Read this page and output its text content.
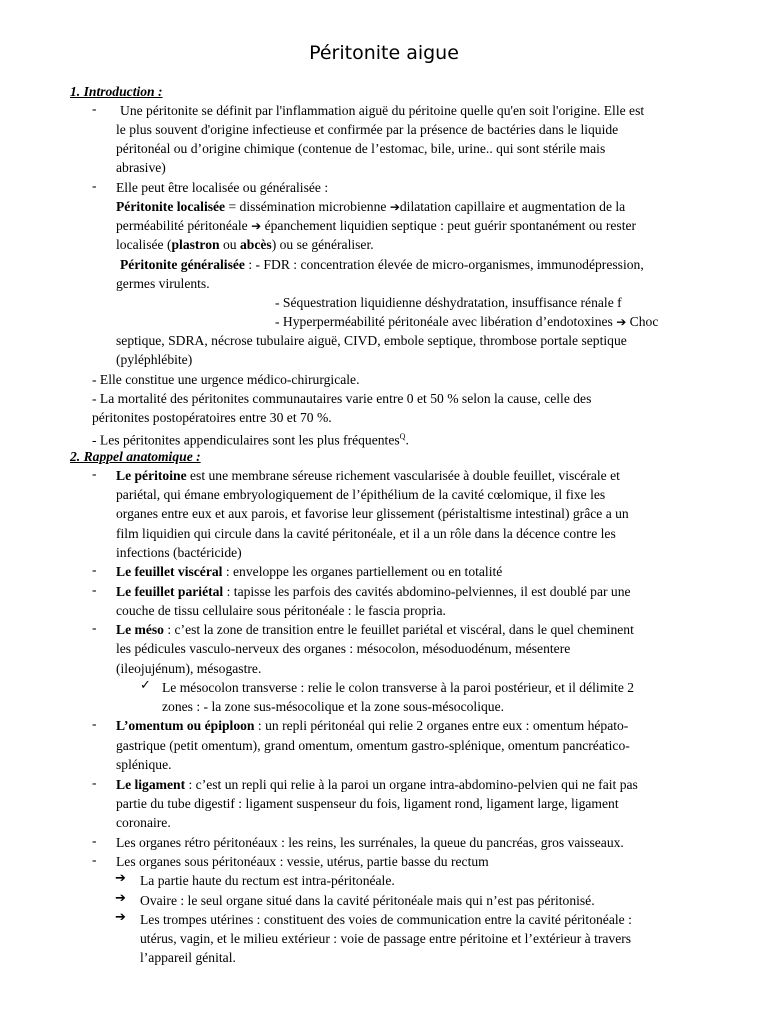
Péritonite aigue
1. Introduction :
- Une péritonite se définit par l'inflammation aiguë du péritoine quelle qu'en soit l'origine. Elle est
le plus souvent d'origine infectieuse et confirmée par la présence de bactéries dans le liquide
péritonéal ou d’origine chimique (contenue de l’estomac, bile, urine.. qui sont stérile mais
abrasive)
- Elle peut être localisée ou généralisée :
Péritonite localisée = dissémination microbienne ➔dilatation capillaire et augmentation de la
perméabilité péritonéale ➔ épanchement liquidien septique : peut guérir spontanément ou rester
localisée (plastron ou abcès) ou se généraliser.
Péritonite généralisée : - FDR : concentration élevée de micro-organismes, immunodépression,
germes virulents.
- Séquestration liquidienne déshydratation, insuffisance rénale f
- Hyperperméabilité péritonéale avec libération d’endotoxines ➔ Choc
septique, SDRA, nécrose tubulaire aiguë, CIVD, embole septique, thrombose portale septique
(pyléphlébite)
- Elle constitue une urgence médico-chirurgicale.
- La mortalité des péritonites communautaires varie entre 0 et 50 % selon la cause, celle des
péritonites postopératoires entre 30 et 70 %.
- Les péritonites appendiculaires sont les plus fréquentes$^Q$.
2. Rappel anatomique :
- Le péritoine est une membrane séreuse richement vascularisée à double feuillet, viscérale et
pariétal, qui émane embryologiquement de l’épithélium de la cavité cœlomique, il fixe les
organes entre eux et aux parois, et favorise leur glissement (péristaltisme intestinal) grâce a un
film liquidien qui circule dans la cavité péritonéale, et il a un rôle dans la décence contre les
infections (bactéricide)
- Le feuillet viscéral : enveloppe les organes partiellement ou en totalité
- Le feuillet pariétal : tapisse les parfois des cavités abdomino-pelviennes, il est doublé par une
couche de tissu cellulaire sous péritonéale : le fascia propria.
- Le méso : c’est la zone de transition entre le feuillet pariétal et viscéral, dans le quel cheminent
les pédicules vasculo-nerveux des organes : mésocolon, mésoduodénum, mésentere
(ileojujénum), mésogastre.
✓ Le mésocolon transverse : relie le colon transverse à la paroi postérieur, et il délimite 2
zones : - la zone sus-mésocolique et la zone sous-mésocolique.
- L’omentum ou épiploon : un repli péritonéal qui relie 2 organes entre eux : omentum hépato-
gastrique (petit omentum), grand omentum, omentum gastro-splénique, omentum pancréatico-
splénique.
- Le ligament : c’est un repli qui relie à la paroi un organe intra-abdomino-pelvien qui ne fait pas
partie du tube digestif : ligament suspenseur du fois, ligament rond, ligament large, ligament
coronaire.
- Les organes rétro péritonéaux : les reins, les surrénales, la queue du pancréas, gros vaisseaux.
- Les organes sous péritonéaux : vessie, utérus, partie basse du rectum
➔ La partie haute du rectum est intra-péritonéale.
➔ Ovaire : le seul organe situé dans la cavité péritonéale mais qui n’est pas péritonisé.
➔ Les trompes utérines : constituent des voies de communication entre la cavité péritonéale :
utérus, vagin, et le milieu extérieur : voie de passage entre péritoine et l’extérieur à travers
l’appareil génital.
